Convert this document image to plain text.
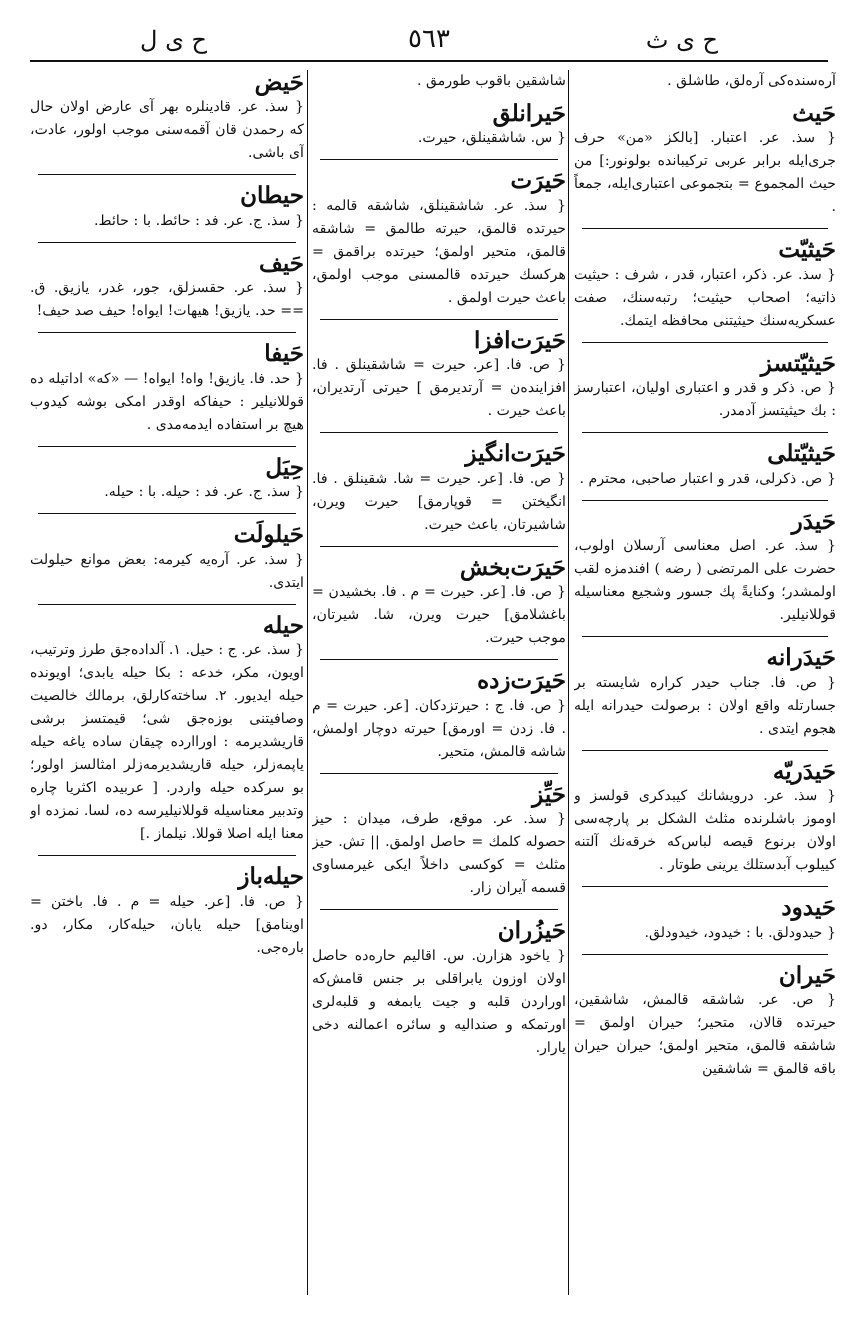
ح ى ل	٥٦٣	ح ى ث
آره‌سنده‌كى آره‌لق، طاشلق .
حَيث
{ سذ. عر. اعتبار. [بالكز «من» حرف جرى‌ايله برابر عربى تركيبانده بولونور:] من حيث المجموع = بتجموعى اعتبارى‌ايله، جمعاً .
حَيثيّت
{ سذ. عر. ذكر، اعتبار، قدر ، شرف : حيثيت ذاتيه؛ اصحاب حيثيت؛ رتبه‌سنك، صفت عسكريه‌سنك حيثيتنى محافظه ايتمك.
حَيثيّتسز
{ ص. ذكر و قدر و اعتبارى اوليان، اعتبارسز : بك حيثيتسز آدمدر.
حَيثيّتلى
{ ص. ذكرلى، قدر و اعتبار صاحبى، محترم .
حَيدَر
{ سذ. عر. اصل معناسى آرسلان اولوب، حضرت على المرتضى ( رضه ) افندمزه لقب اولمشدر؛ وكنايةً پك جسور وشجيع معناسيله قوللانيلير.
حَيدَرانه
{ ص. فا. جناب حيدر كراره شايسته بر جسارتله واقع اولان : برصولت حيدرانه ايله هجوم ايتدى .
حَيدَريّه
{ سذ. عر. درويشانك كيبدكرى قولسز و اوموز باشلرنده مثلث الشكل بر پارچه‌سى اولان برنوع قيصه لباس‌كه خرقه‌نك آلتنه كييلوب آبدستلك يرينى طوتار .
حَيدود
{ حيدودلق. با : خيدود، خيدودلق.
حَيران
{ ص. عر. شاشقه قالمش، شاشقين، حيرتده قالان، متحير؛ حيران اولمق = شاشقه قالمق، متحير اولمق؛ حيران حيران باقه قالمق = شاشقين
شاشقين باقوب طورمق .
حَيرانلق
{ س. شاشقينلق، حيرت.
حَيرَت
{ سذ. عر. شاشقينلق، شاشقه قالمه : حيرتده قالمق، حيرته طالمق = شاشقه قالمق، متحير اولمق؛ حيرتده براقمق = هركسك حيرتده قالمسنى موجب اولمق، باعث حيرت اولمق .
حَيرَت‌افزا
{ ص. فا. [عر. حيرت = شاشقينلق . فا. افزاينده‌ن = آرتديرمق ] حيرتى آرتديران، باعث حيرت .
حَيرَت‌انگيز
{ ص. فا. [عر. حيرت = شا. شقينلق . فا. انگيختن = قوپارمق] حيرت ويرن، شاشيرتان، باعث حيرت.
حَيرَت‌بخش
{ ص. فا. [عر. حيرت = م . فا. بخشيدن = باغشلامق] حيرت ويرن، شا. شيرتان، موجب حيرت.
حَيرَت‌زده
{ ص. فا. ج : حيرتزدكان. [عر. حيرت = م . فا. زدن = اورمق] حيرته دوچار اولمش، شاشه قالمش، متحير.
حَيِّز
{ سذ. عر. موقع، طرف، ميدان : حيز حصوله كلمك = حاصل اولمق. || تش. حيز مثلث = كوكسى داخلاً ايكى غيرمساوى قسمه آيران زار.
حَيزُران
{ ياخود هزارن. س. اقاليم حاره‌ده حاصل اولان اوزون يابراقلى بر جنس قامش‌كه اوراردن قلبه و جيت يابمغه و قلبه‌لرى اورتمكه و صنداليه و سائره اعمالنه دخى يارار.
حَيض
{ سذ. عر. قادينلره بهر آى عارض اولان حال كه رحمدن قان آقمه‌سنى موجب اولور، عادت، آى باشى.
حيطان
{ سذ. ج. عر. فد : حائط. با : حائط.
حَيف
{ سذ. عر. حقسزلق، جور، غدر، يازيق. ق. == حد. يازيق! هيهات! ايواه! حيف صد حيف!
حَيفا
{ حد. فا. يازيق! واه! ايواه! — «كه» اداتيله ده قوللانيلير : حيفاكه اوقدر امكى بوشه كيدوب هيچ بر استفاده ايدمه‌مدى .
حِيَل
{ سذ. ج. عر. فد : حيله. با : حيله.
حَيلولَت
{ سذ. عر. آره‌يه كيرمه: بعض موانع حيلولت ايتدى.
حيله
{ سذ. عر. ج : حيل. ١. آلدادەجق طرز وترتيب، اويون، مكر، خدعه : بكا حيله يابدى؛ اويونده حيله ايديور. ٢. ساخته‌كارلق، برمالك خالصيت وصافيتنى بوزەجق شى؛ قيمتسز برشى قاريشديرمه : اوراارده چيقان ساده ياغه حيله ياپمه‌زلر، حيله قاريشديرمه‌زلر امثالسز اولور؛ بو سركده حيله واردر. [ عربيده اكثريا چاره وتدبير معناسيله قوللانيليرسه ده، لسا. نمزده او معنا ايله اصلا قوللا. نيلماز .]
حيله‌باز
{ ص. فا. [عر. حيله = م . فا. باختن = اوينامق] حيله يابان، حيله‌كار، مكار، دو. باره‌جى.
